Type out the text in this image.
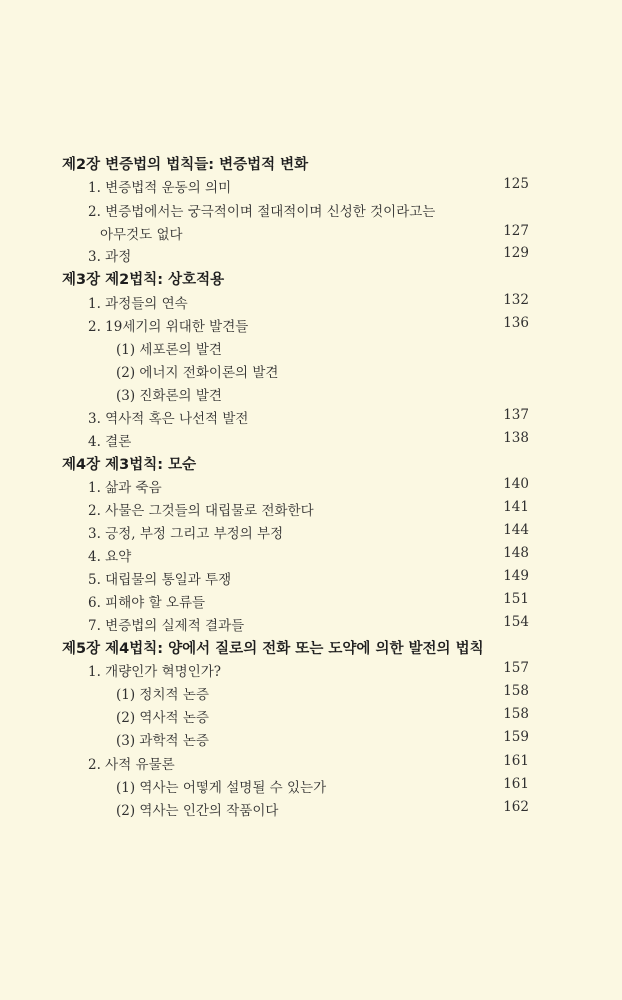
제2장 변증법의 법칙들: 변증법적 변화
1. 변증법적 운동의 의미	125
2. 변증법에서는 궁극적이며 절대적이며 신성한 것이라고는
아무것도 없다	127
3. 과정	129
제3장 제2법칙: 상호적용
1. 과정들의 연속	132
2. 19세기의 위대한 발견들	136
(1) 세포론의 발견
(2) 에너지 전화이론의 발견
(3) 진화론의 발견
3. 역사적 혹은 나선적 발전	137
4. 결론	138
제4장 제3법칙: 모순
1. 삶과 죽음	140
2. 사물은 그것들의 대립물로 전화한다	141
3. 긍정, 부정 그리고 부정의 부정	144
4. 요약	148
5. 대립물의 통일과 투쟁	149
6. 피해야 할 오류들	151
7. 변증법의 실제적 결과들	154
제5장 제4법칙: 양에서 질로의 전화 또는 도약에 의한 발전의 법칙
1. 개량인가 혁명인가?	157
(1) 정치적 논증	158
(2) 역사적 논증	158
(3) 과학적 논증	159
2. 사적 유물론	161
(1) 역사는 어떻게 설명될 수 있는가	161
(2) 역사는 인간의 작품이다	162
